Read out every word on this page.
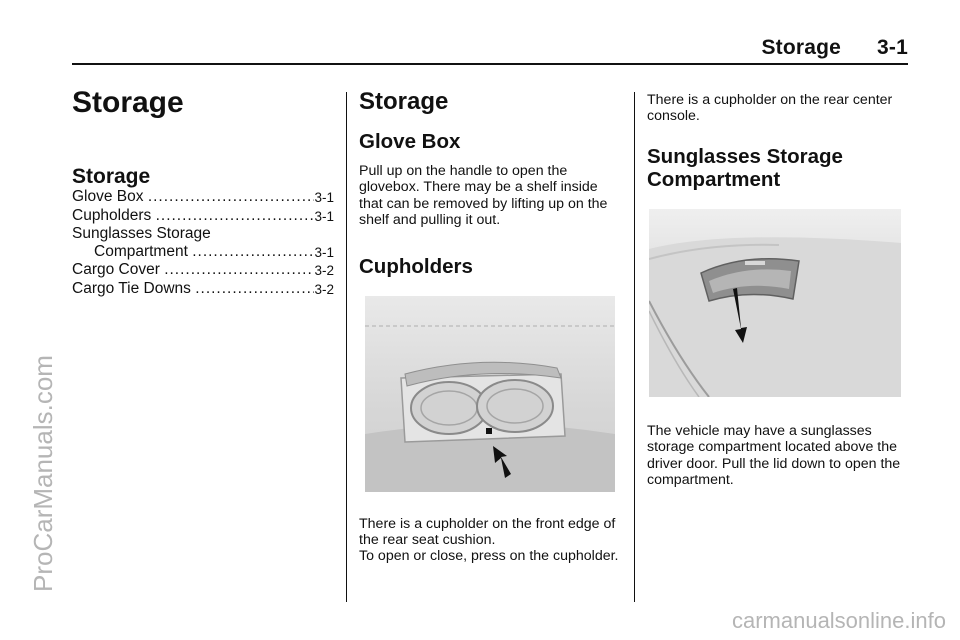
Storage 3-1
ProCarManuals.com
carmanualsonline.info
Storage
Storage
Glove Box .....	3-1
Cupholders .....	3-1
Sunglasses Storage
Compartment .....	3-1
Cargo Cover .....	3-2
Cargo Tie Downs .....	3-2
Storage
Glove Box

Pull up on the handle to open the glovebox. There may be a shelf inside that can be removed by lifting up on the shelf and pulling it out.

Cupholders

There is a cupholder on the front edge of the rear seat cushion.

To open or close, press on the cupholder.

There is a cupholder on the rear center console.

Sunglasses Storage Compartment

The vehicle may have a sunglasses storage compartment located above the driver door. Pull the lid down to open the compartment.
